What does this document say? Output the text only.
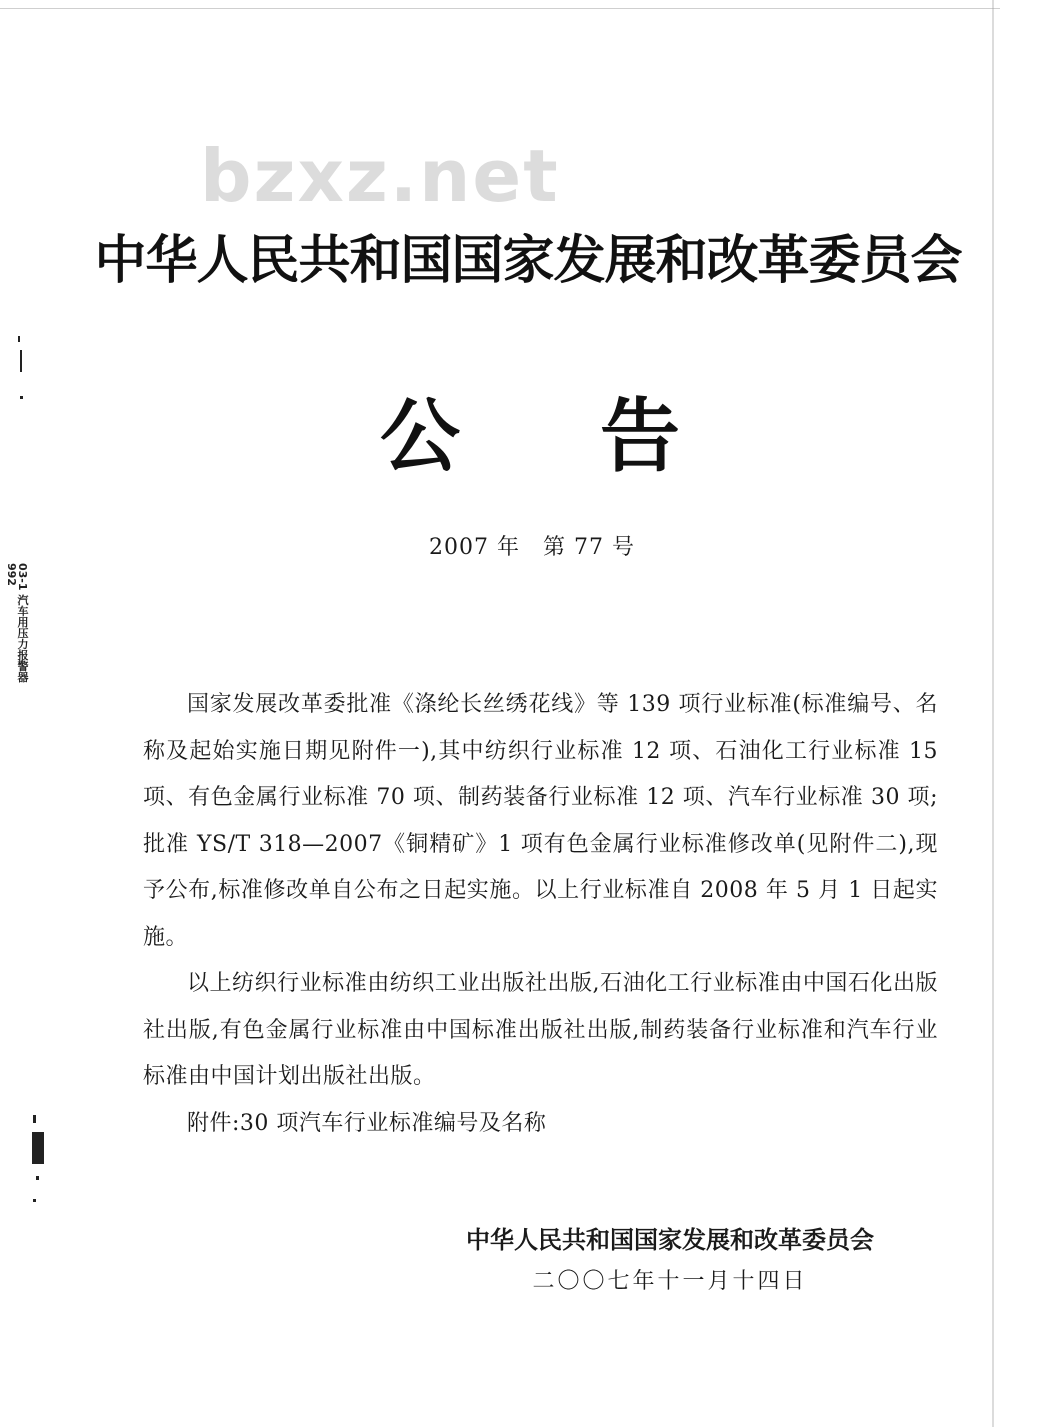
bzxz.net
中华人民共和国国家发展和改革委员会
公告
2007 年　第 77 号
03-1 汽车用压力报警器992

国家发展改革委批准《涤纶长丝绣花线》等 139 项行业标准(标准编号、名称及起始实施日期见附件一),其中纺织行业标准 12 项、石油化工行业标准 15 项、有色金属行业标准 70 项、制药装备行业标准 12 项、汽车行业标准 30 项;批准 YS/T 318—2007《铜精矿》1 项有色金属行业标准修改单(见附件二),现予公布,标准修改单自公布之日起实施。以上行业标准自 2008 年 5 月 1 日起实施。

以上纺织行业标准由纺织工业出版社出版,石油化工行业标准由中国石化出版社出版,有色金属行业标准由中国标准出版社出版,制药装备行业标准和汽车行业标准由中国计划出版社出版。

附件:30 项汽车行业标准编号及名称

中华人民共和国国家发展和改革委员会
二〇〇七年十一月十四日
